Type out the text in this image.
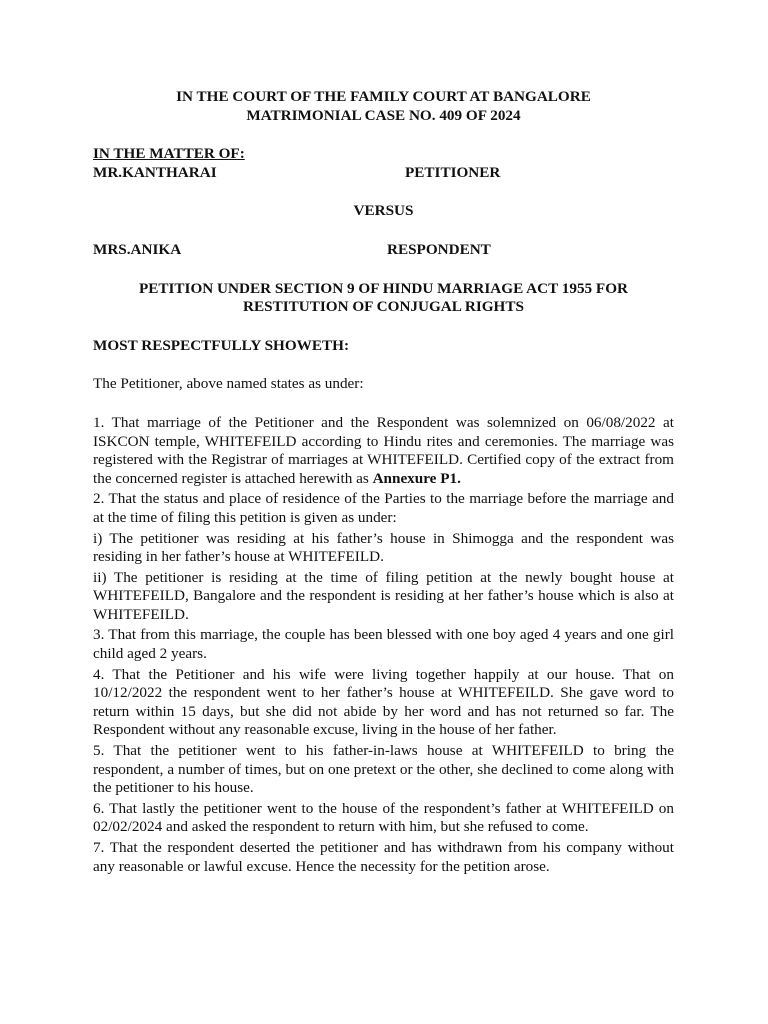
IN THE COURT OF THE FAMILY COURT AT BANGALORE
MATRIMONIAL CASE NO. 409 OF 2024
IN THE MATTER OF:
MR.KANTHARAI	PETITIONER
VERSUS
MRS.ANIKA	RESPONDENT
PETITION UNDER SECTION 9 OF HINDU MARRIAGE ACT 1955 FOR
RESTITUTION OF CONJUGAL RIGHTS
MOST RESPECTFULLY SHOWETH:
The Petitioner, above named states as under:

1. That marriage of the Petitioner and the Respondent was solemnized on 06/08/2022 at ISKCON temple, WHITEFEILD according to Hindu rites and ceremonies. The marriage was registered with the Registrar of marriages at WHITEFEILD. Certified copy of the extract from the concerned register is attached herewith as Annexure P1.

2. That the status and place of residence of the Parties to the marriage before the marriage and at the time of filing this petition is given as under:

i) The petitioner was residing at his father’s house in Shimogga and the respondent was residing in her father’s house at WHITEFEILD.

ii) The petitioner is residing at the time of filing petition at the newly bought house at WHITEFEILD, Bangalore and the respondent is residing at her father’s house which is also at WHITEFEILD.

3. That from this marriage, the couple has been blessed with one boy aged 4 years and one girl child aged 2 years.

4. That the Petitioner and his wife were living together happily at our house. That on 10/12/2022 the respondent went to her father’s house at WHITEFEILD. She gave word to return within 15 days, but she did not abide by her word and has not returned so far. The Respondent without any reasonable excuse, living in the house of her father.

5. That the petitioner went to his father-in-laws house at WHITEFEILD to bring the respondent, a number of times, but on one pretext or the other, she declined to come along with the petitioner to his house.

6. That lastly the petitioner went to the house of the respondent’s father at WHITEFEILD on 02/02/2024 and asked the respondent to return with him, but she refused to come.

7. That the respondent deserted the petitioner and has withdrawn from his company without any reasonable or lawful excuse. Hence the necessity for the petition arose.
